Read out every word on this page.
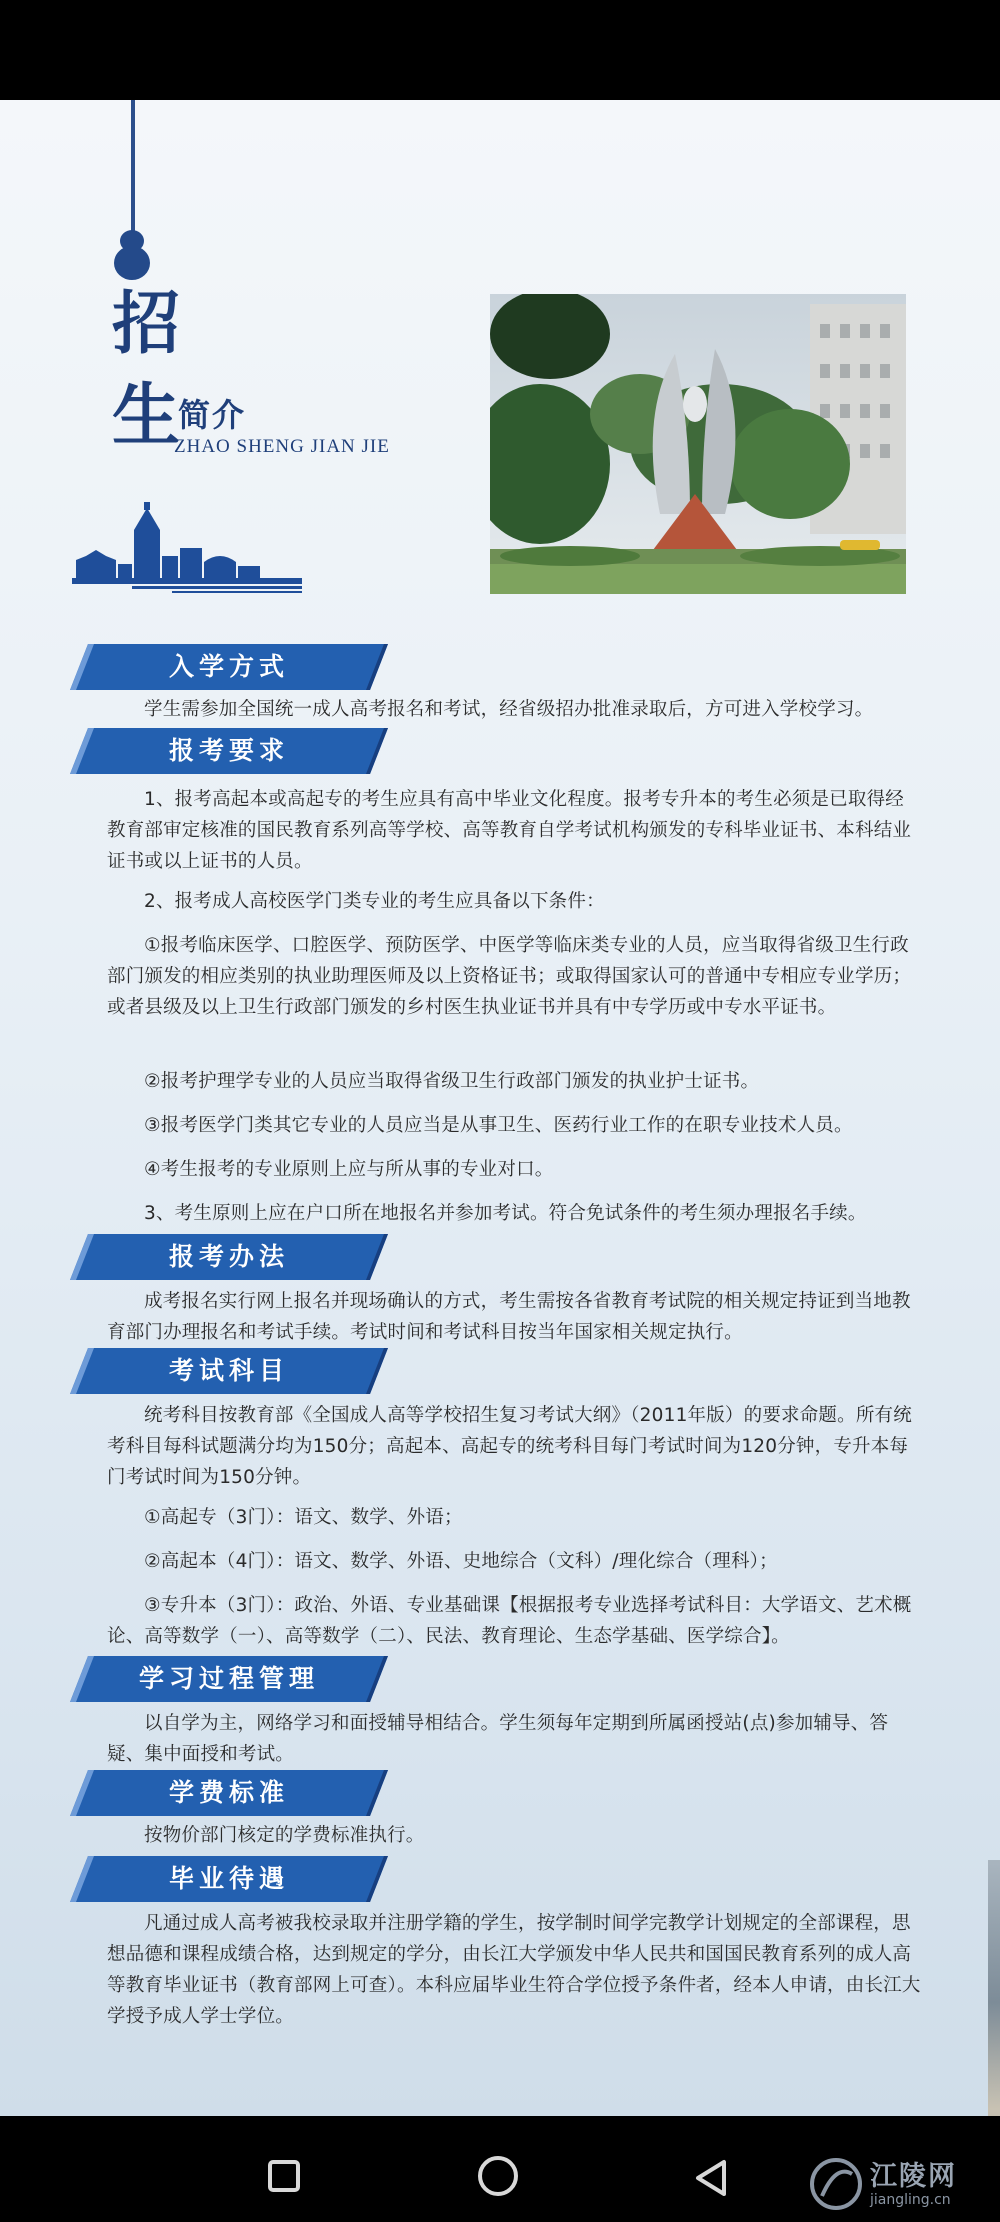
招
生
简介
ZHAO SHENG JIAN JIE
入学方式

学生需参加全国统一成人高考报名和考试，经省级招办批准录取后，方可进入学校学习。

报考要求

1、报考高起本或高起专的考生应具有高中毕业文化程度。报考专升本的考生必须是已取得经教育部审定核准的国民教育系列高等学校、高等教育自学考试机构颁发的专科毕业证书、本科结业证书或以上证书的人员。

2、报考成人高校医学门类专业的考生应具备以下条件：

①报考临床医学、口腔医学、预防医学、中医学等临床类专业的人员，应当取得省级卫生行政部门颁发的相应类别的执业助理医师及以上资格证书；或取得国家认可的普通中专相应专业学历；或者县级及以上卫生行政部门颁发的乡村医生执业证书并具有中专学历或中专水平证书。

②报考护理学专业的人员应当取得省级卫生行政部门颁发的执业护士证书。

③报考医学门类其它专业的人员应当是从事卫生、医药行业工作的在职专业技术人员。

④考生报考的专业原则上应与所从事的专业对口。

3、考生原则上应在户口所在地报名并参加考试。符合免试条件的考生须办理报名手续。

报考办法

成考报名实行网上报名并现场确认的方式，考生需按各省教育考试院的相关规定持证到当地教育部门办理报名和考试手续。考试时间和考试科目按当年国家相关规定执行。

考试科目

统考科目按教育部《全国成人高等学校招生复习考试大纲》（2011年版）的要求命题。所有统考科目每科试题满分均为150分；高起本、高起专的统考科目每门考试时间为120分钟，专升本每门考试时间为150分钟。

①高起专（3门）：语文、数学、外语；

②高起本（4门）：语文、数学、外语、史地综合（文科）/理化综合（理科）；

③专升本（3门）：政治、外语、专业基础课【根据报考专业选择考试科目：大学语文、艺术概论、高等数学（一）、高等数学（二）、民法、教育理论、生态学基础、医学综合】。

学习过程管理

以自学为主，网络学习和面授辅导相结合。学生须每年定期到所属函授站(点)参加辅导、答疑、集中面授和考试。

学费标准

按物价部门核定的学费标准执行。

毕业待遇

凡通过成人高考被我校录取并注册学籍的学生，按学制时间学完教学计划规定的全部课程，思想品德和课程成绩合格，达到规定的学分，由长江大学颁发中华人民共和国国民教育系列的成人高等教育毕业证书（教育部网上可查）。本科应届毕业生符合学位授予条件者，经本人申请，由长江大学授予成人学士学位。

江陵网
jiangling.cn
